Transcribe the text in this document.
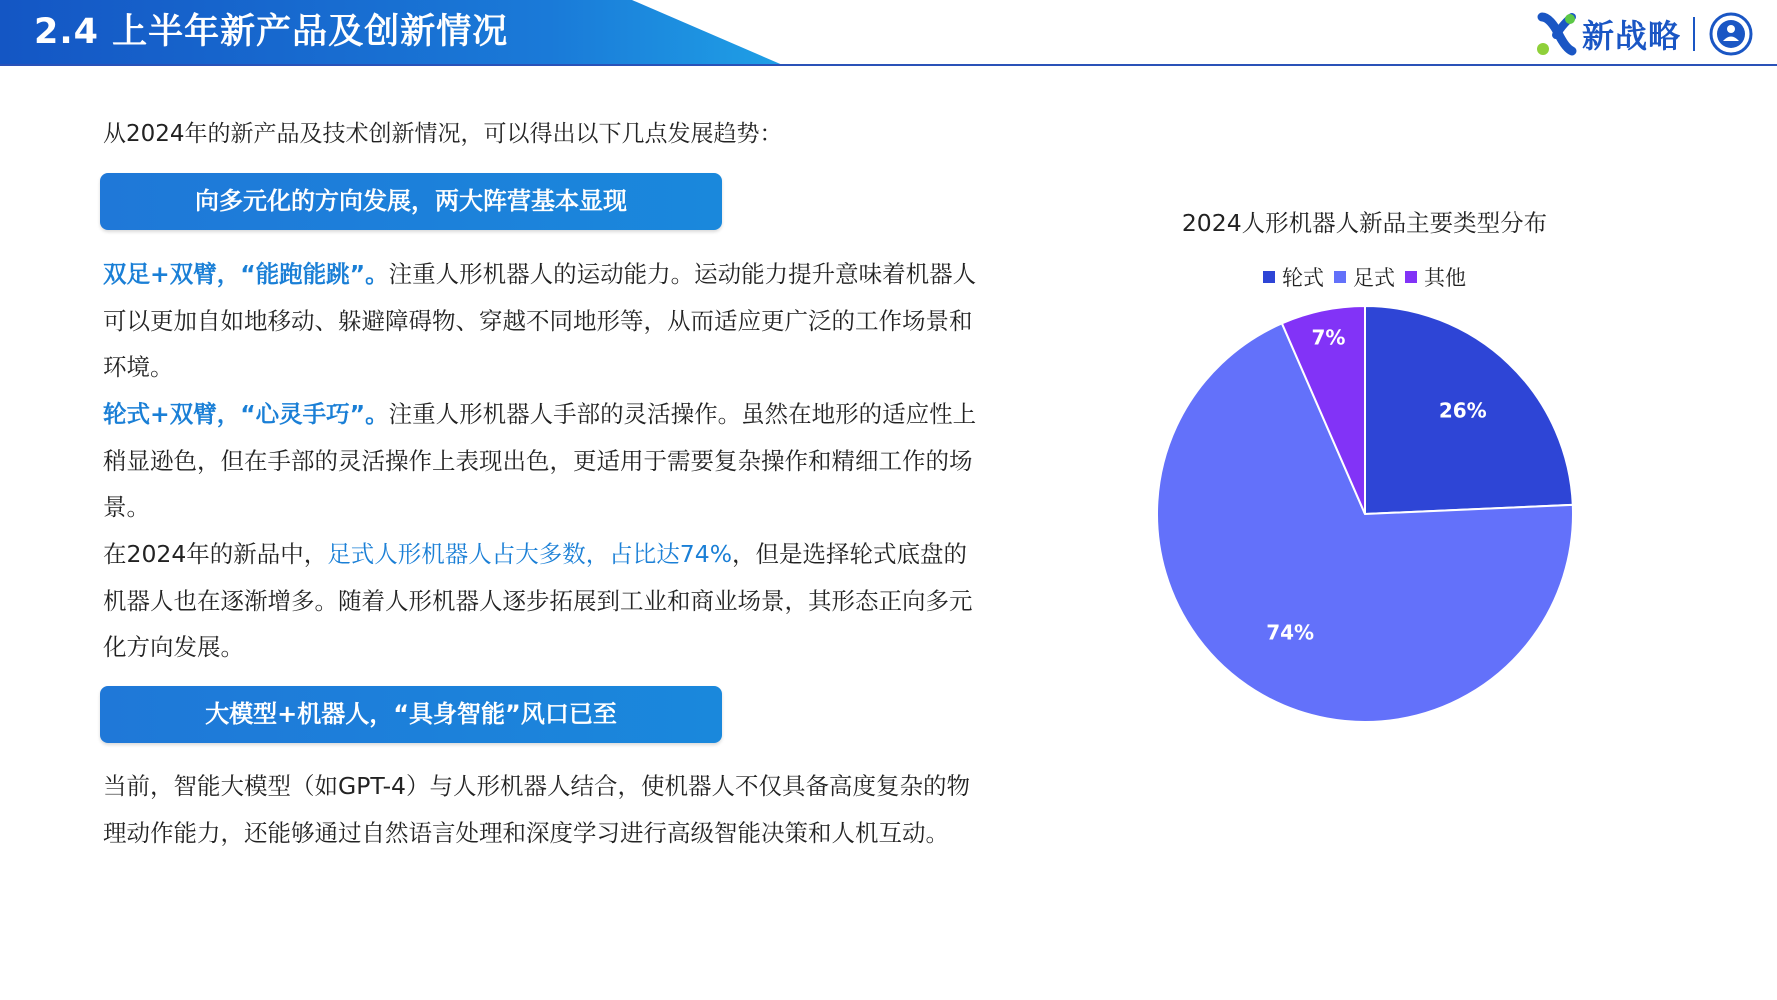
2.4 上半年新产品及创新情况	新战略
从2024年的新产品及技术创新情况，可以得出以下几点发展趋势：
向多元化的方向发展，两大阵营基本显现
双足+双臂，“能跑能跳”。注重人形机器人的运动能力。运动能力提升意味着机器人可以更加自如地移动、躲避障碍物、穿越不同地形等，从而适应更广泛的工作场景和环境。
轮式+双臂，“心灵手巧”。注重人形机器人手部的灵活操作。虽然在地形的适应性上稍显逊色，但在手部的灵活操作上表现出色，更适用于需要复杂操作和精细工作的场景。
在2024年的新品中，足式人形机器人占大多数，占比达74%，但是选择轮式底盘的机器人也在逐渐增多。随着人形机器人逐步拓展到工业和商业场景，其形态正向多元化方向发展。
大模型+机器人，“具身智能”风口已至
当前，智能大模型（如GPT-4）与人形机器人结合，使机器人不仅具备高度复杂的物理动作能力，还能够通过自然语言处理和深度学习进行高级智能决策和人机互动。
2024人形机器人新品主要类型分布
轮式 足式 其他
26%
74%
7%
